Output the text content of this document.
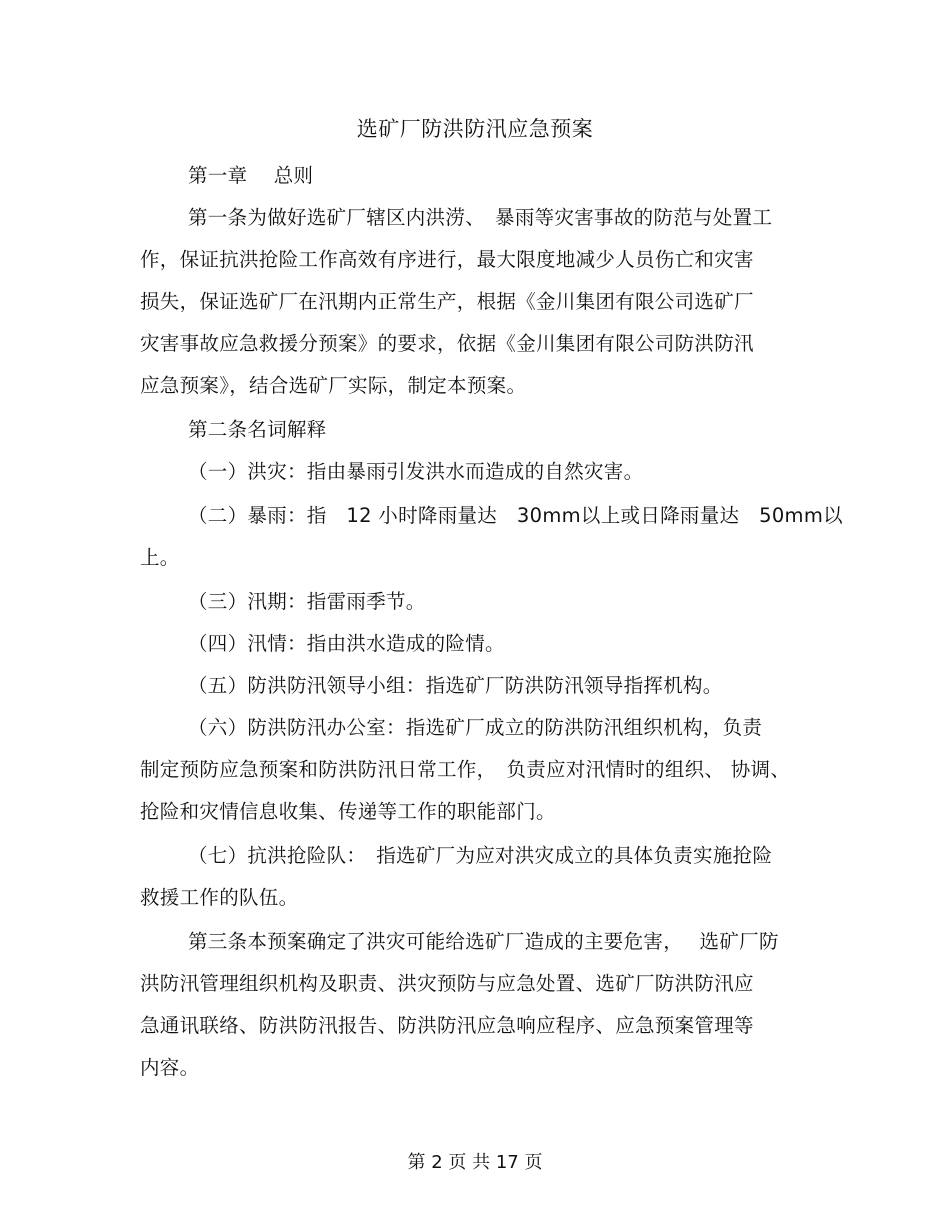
选矿厂防洪防汛应急预案
第一章　 总则
第一条为做好选矿厂辖区内洪涝、　暴雨等灾害事故的防范与处置工
作，保证抗洪抢险工作高效有序进行，最大限度地减少人员伤亡和灾害
损失，保证选矿厂在汛期内正常生产，根据《金川集团有限公司选矿厂
灾害事故应急救援分预案》的要求，依据《金川集团有限公司防洪防汛
应急预案》，结合选矿厂实际，制定本预案。
第二条名词解释
（一）洪灾：指由暴雨引发洪水而造成的自然灾害。
（二）暴雨：指　12 小时降雨量达　30mm以上或日降雨量达　50mm以
上。
（三）汛期：指雷雨季节。
（四）汛情：指由洪水造成的险情。
（五）防洪防汛领导小组：指选矿厂防洪防汛领导指挥机构。
（六）防洪防汛办公室：指选矿厂成立的防洪防汛组织机构，负责
制定预防应急预案和防洪防汛日常工作，　负责应对汛情时的组织、 协调、
抢险和灾情信息收集、传递等工作的职能部门。
（七）抗洪抢险队：　指选矿厂为应对洪灾成立的具体负责实施抢险
救援工作的队伍。
第三条本预案确定了洪灾可能给选矿厂造成的主要危害，　 选矿厂防
洪防汛管理组织机构及职责、洪灾预防与应急处置、选矿厂防洪防汛应
急通讯联络、防洪防汛报告、防洪防汛应急响应程序、应急预案管理等
内容。
第 2 页 共 17 页
